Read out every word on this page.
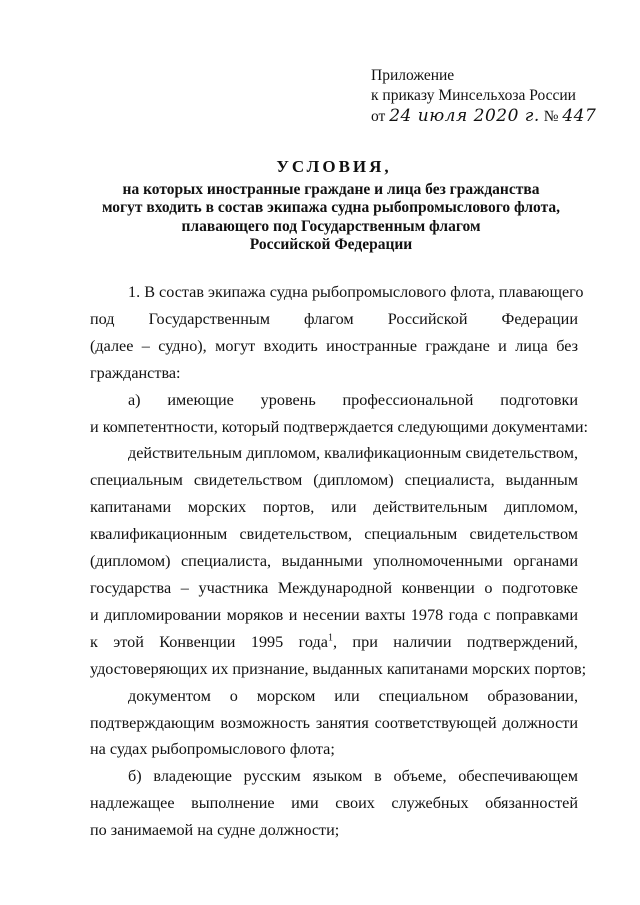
Приложение
к приказу Минсельхоза России
от 24 июля 2020 г. № 447
УСЛОВИЯ,
на которых иностранные граждане и лица без гражданства
могут входить в состав экипажа судна рыбопромыслового флота,
плавающего под Государственным флагом
Российской Федерации
1. В состав экипажа судна рыбопромыслового флота, плавающего
под Государственным флагом Российской Федерации
(далее – судно), могут входить иностранные граждане и лица без
гражданства:
а) имеющие уровень профессиональной подготовки
и компетентности, который подтверждается следующими документами:
действительным дипломом, квалификационным свидетельством,
специальным свидетельством (дипломом) специалиста, выданным
капитанами морских портов, или действительным дипломом,
квалификационным свидетельством, специальным свидетельством
(дипломом) специалиста, выданными уполномоченными органами
государства – участника Международной конвенции о подготовке
и дипломировании моряков и несении вахты 1978 года с поправками
к этой Конвенции 1995 года$^1$, при наличии подтверждений,
удостоверяющих их признание, выданных капитанами морских портов;
документом о морском или специальном образовании,
подтверждающим возможность занятия соответствующей должности
на судах рыбопромыслового флота;
б) владеющие русским языком в объеме, обеспечивающем
надлежащее выполнение ими своих служебных обязанностей
по занимаемой на судне должности;
